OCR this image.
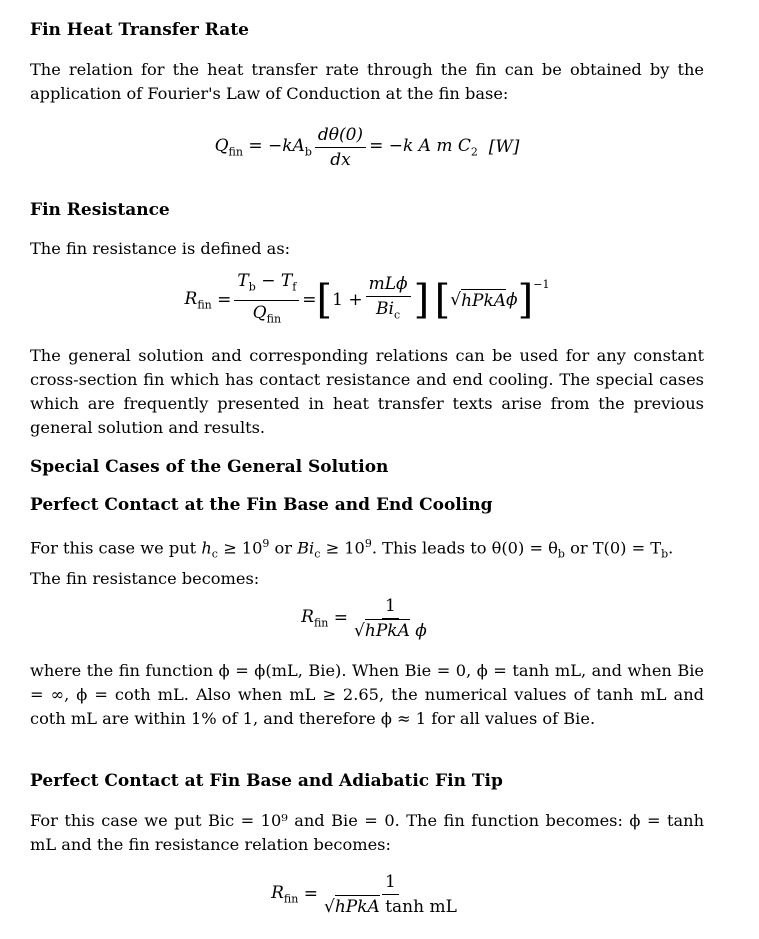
Fin Heat Transfer Rate
The relation for the heat transfer rate through the fin can be obtained by the application of Fourier's Law of Conduction at the fin base:
$Q_{fin}$
= $-kA_b \frac{d\theta(0)}{dx} = -k$ A m $C_2$
[W]
Fin Resistance
The fin resistance is defined as:
$R_{fin}$
= $\frac{T_b - T_f}{Q_{fin}}$ = [ $1 + \frac{\text{mLϕ}}{Bi_c}$ ]
[ √ hPkA ϕ ]$^{-1}$
The general solution and corresponding relations can be used for any constant cross-section fin which has contact resistance and end cooling. The special cases which are frequently presented in heat transfer texts arise from the previous general solution and results.
Special Cases of the General Solution
Perfect Contact at the Fin Base and End Cooling
For this case we put $h_c \ge 10^9$ or $Bi_c \ge 10^9$. This leads to $\theta(0) = \theta_b$ or $T(0) = T_b$.
The fin resistance becomes:
$R_{fin}$
= $\frac{1}{\text{√hPkA ϕ}}$
where the fin function ϕ = ϕ(mL, Bie). When Bie = 0, ϕ = tanh mL, and when Bie = ∞, ϕ = coth mL. Also when mL ≥ 2.65, the numerical values of tanh mL and coth mL are within 1% of 1, and therefore ϕ ≈ 1 for all values of Bie.
Perfect Contact at Fin Base and Adiabatic Fin Tip
For this case we put Bic = 10⁹ and Bie = 0. The fin function becomes: ϕ = tanh mL and the fin resistance relation becomes:
$R_{fin}$
= $\frac{1}{\text{√hPkA tanh mL}}$
